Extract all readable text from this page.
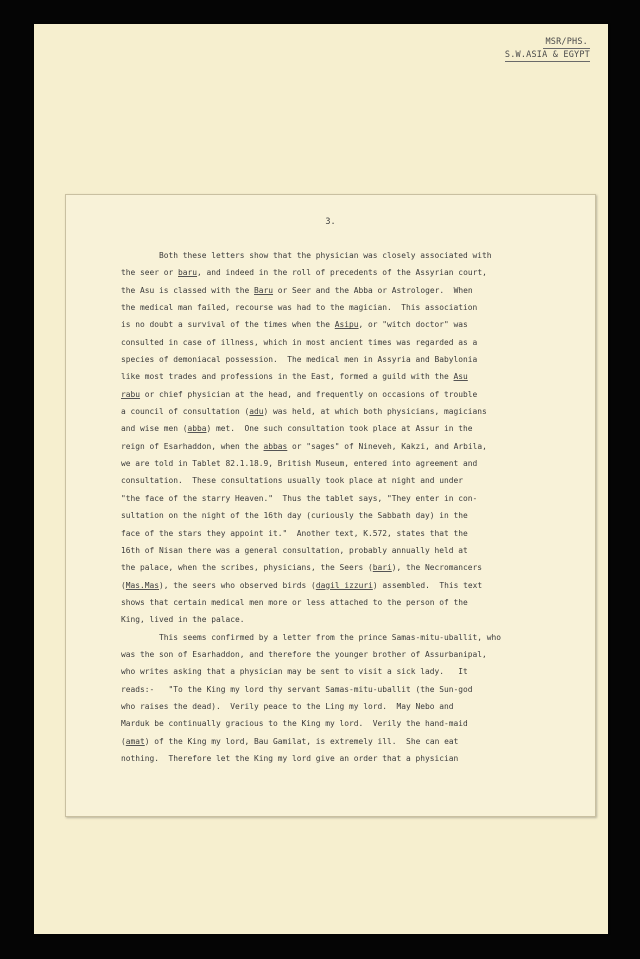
MSR/PHS.
S.W.ASIA & EGYPT
3.

Both these letters show that the physician was closely associated with

the seer or baru, and indeed in the roll of precedents of the Assyrian court,

the Asu is classed with the Baru or Seer and the Abba or Astrologer.  When

the medical man failed, recourse was had to the magician.  This association

is no doubt a survival of the times when the Asipu, or "witch doctor" was

consulted in case of illness, which in most ancient times was regarded as a

species of demoniacal possession.  The medical men in Assyria and Babylonia

like most trades and professions in the East, formed a guild with the Asu

rabu or chief physician at the head, and frequently on occasions of trouble

a council of consultation (adu) was held, at which both physicians, magicians

and wise men (abba) met.  One such consultation took place at Assur in the

reign of Esarhaddon, when the abbas or "sages" of Nineveh, Kakzi, and Arbila,

we are told in Tablet 82.1.18.9, British Museum, entered into agreement and

consultation.  These consultations usually took place at night and under

"the face of the starry Heaven."  Thus the tablet says, "They enter in con-

sultation on the night of the 16th day (curiously the Sabbath day) in the

face of the stars they appoint it."  Another text, K.572, states that the

16th of Nisan there was a general consultation, probably annually held at

the palace, when the scribes, physicians, the Seers (bari), the Necromancers

(Mas.Mas), the seers who observed birds (dagil izzuri) assembled.  This text

shows that certain medical men more or less attached to the person of the

King, lived in the palace.

This seems confirmed by a letter from the prince Samas-mitu-uballit, who

was the son of Esarhaddon, and therefore the younger brother of Assurbanipal,

who writes asking that a physician may be sent to visit a sick lady.   It

reads:-   "To the King my lord thy servant Samas-mitu-uballit (the Sun-god

who raises the dead).  Verily peace to the Ling my lord.  May Nebo and

Marduk be continually gracious to the King my lord.  Verily the hand-maid

(amat) of the King my lord, Bau Gamilat, is extremely ill.  She can eat

nothing.  Therefore let the King my lord give an order that a physician
